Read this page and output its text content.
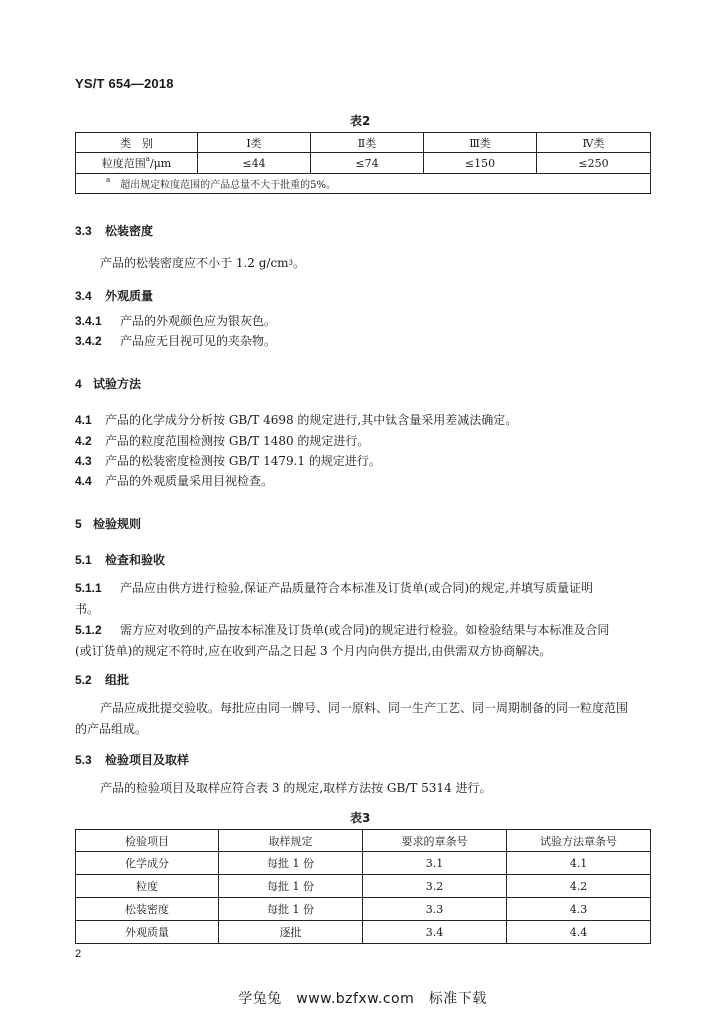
YS/T 654—2018
表2
类　别	Ⅰ类	Ⅱ类	Ⅲ类	Ⅳ类
粒度范围$^a$/μm	≤44	≤74	≤150	≤250
$^a$ 超出规定粒度范围的产品总量不大于批重的5%。				
3.3 松装密度
产品的松装密度应不小于 1.2 $g/cm^3$。
3.4 外观质量
3.4.1 产品的外观颜色应为银灰色。
3.4.2 产品应无目视可见的夹杂物。
4 试验方法
4.1 产品的化学成分分析按 GB/T 4698 的规定进行,其中钛含量采用差减法确定。
4.2 产品的粒度范围检测按 GB/T 1480 的规定进行。
4.3 产品的松装密度检测按 GB/T 1479.1 的规定进行。
4.4 产品的外观质量采用目视检查。
5 检验规则
5.1 检查和验收
5.1.1 产品应由供方进行检验,保证产品质量符合本标准及订货单(或合同)的规定,并填写质量证明
书。
5.1.2 需方应对收到的产品按本标准及订货单(或合同)的规定进行检验。如检验结果与本标准及合同
(或订货单)的规定不符时,应在收到产品之日起 3 个月内向供方提出,由供需双方协商解决。
5.2 组批
产品应成批提交验收。每批应由同一牌号、同一原料、同一生产工艺、同一周期制备的同一粒度范围
的产品组成。
5.3 检验项目及取样
产品的检验项目及取样应符合表 3 的规定,取样方法按 GB/T 5314 进行。
表3
检验项目	取样规定	要求的章条号	试验方法章条号
化学成分	每批 1 份	3.1	4.1
粒度	每批 1 份	3.2	4.2
松装密度	每批 1 份	3.3	4.3
外观质量	逐批	3.4	4.4
2
学兔兔　www.bzfxw.com　标准下载
